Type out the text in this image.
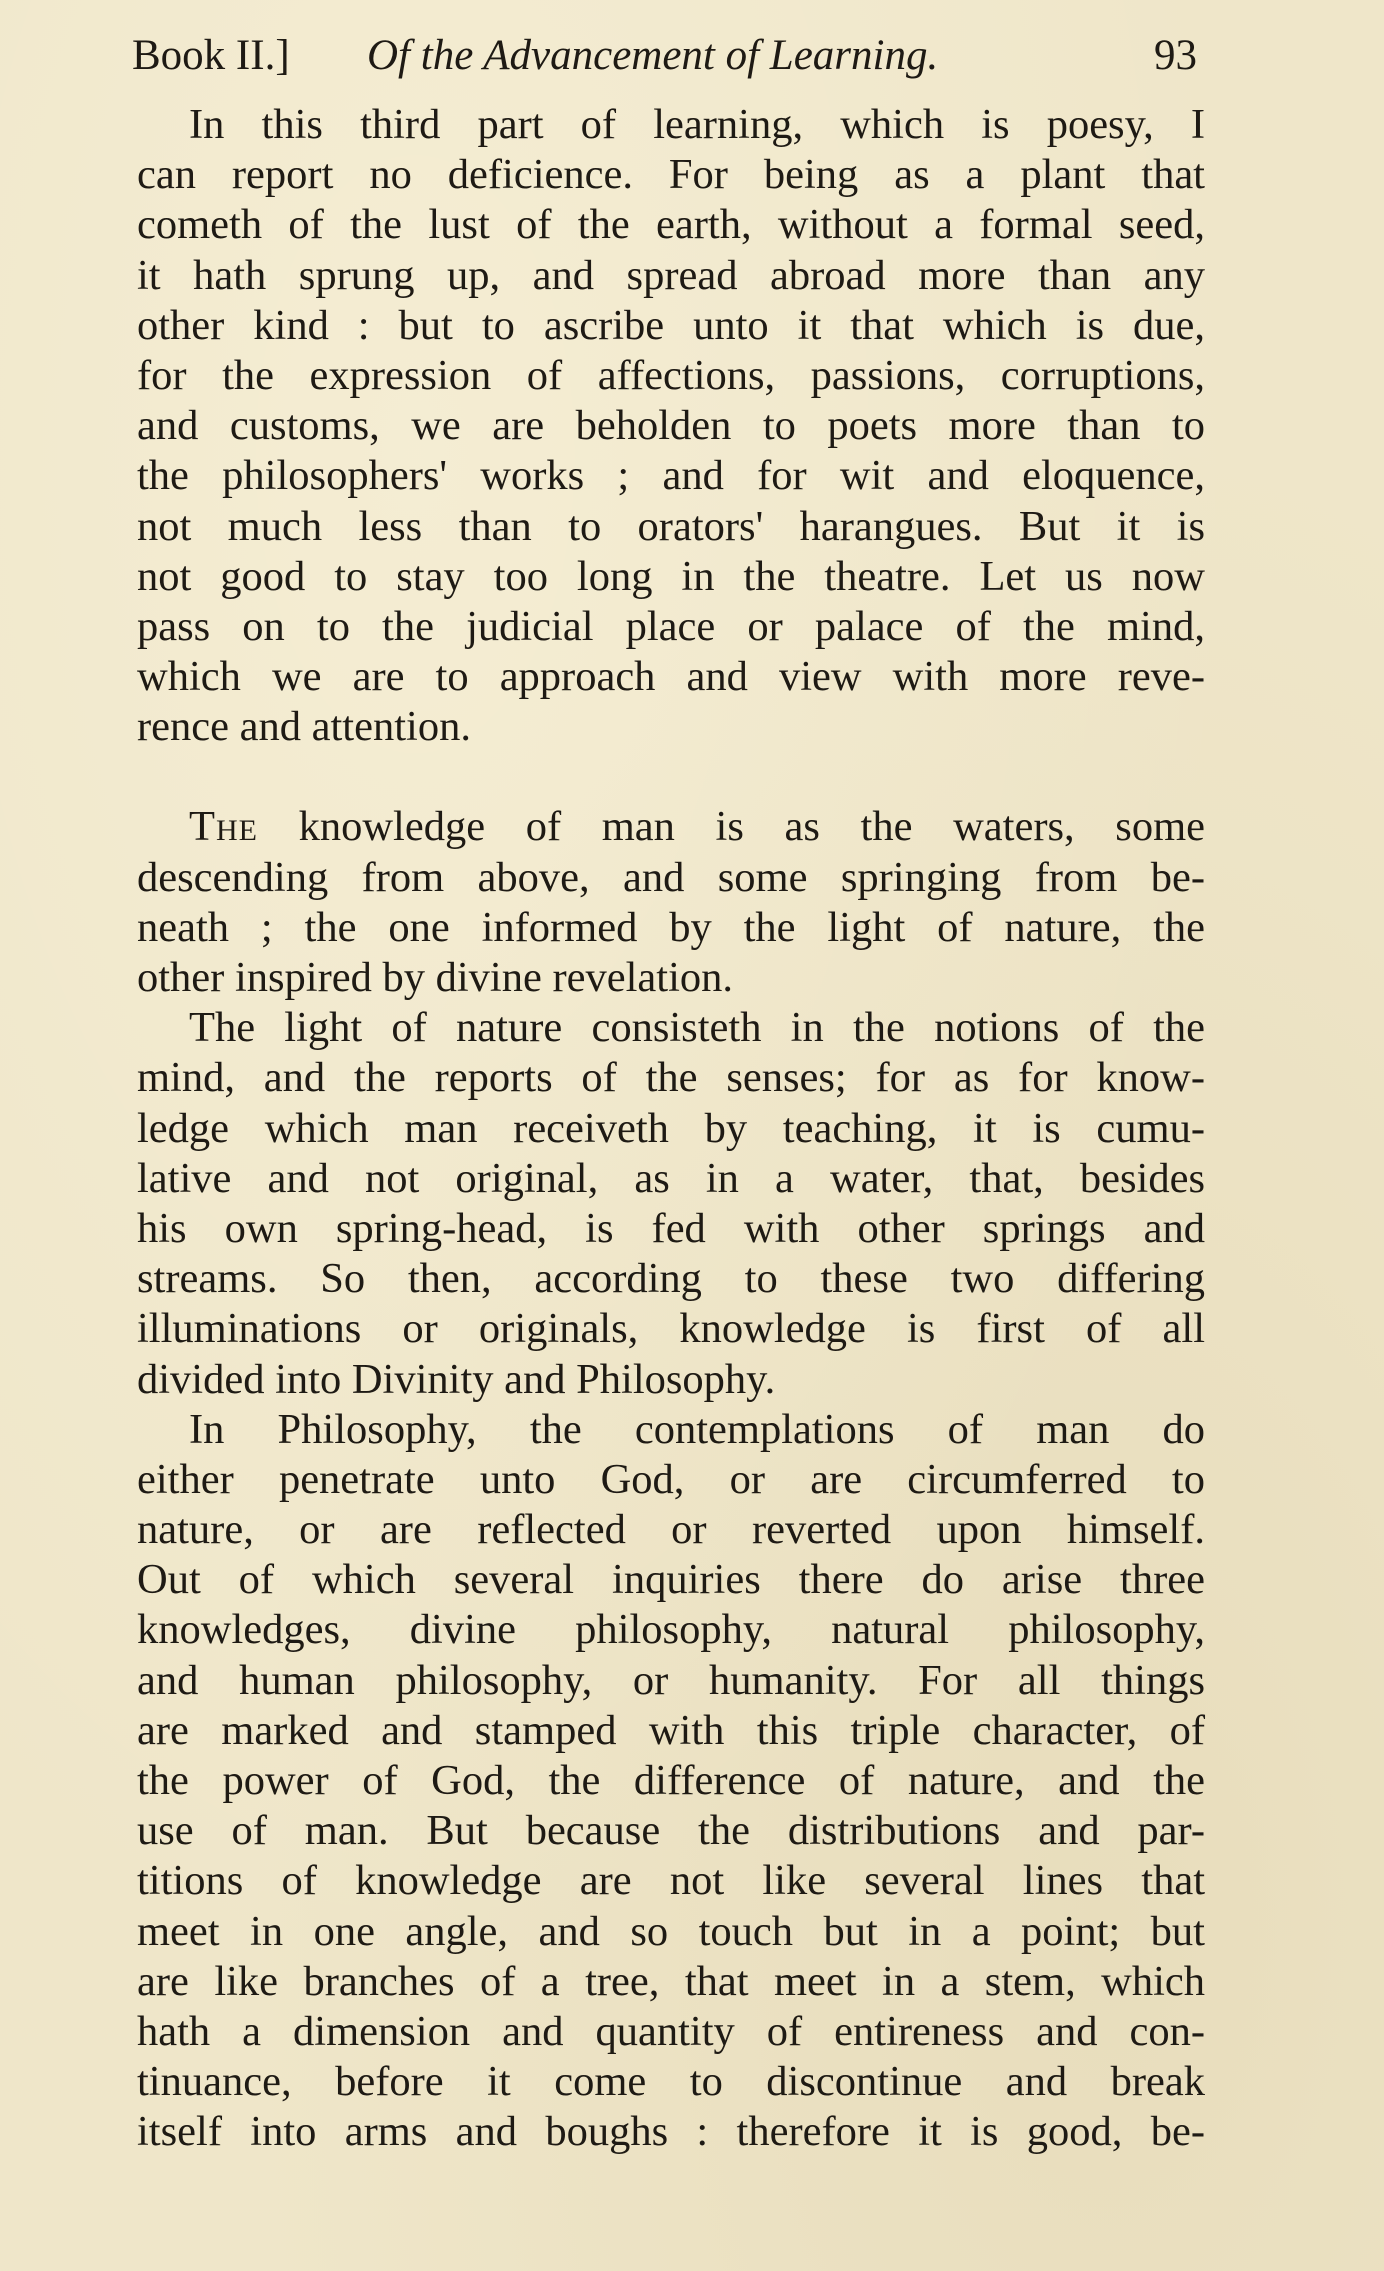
Book II.] Of the Advancement of Learning.	93
In this third part of learning, which is poesy, I
can report no deficience. For being as a plant that
cometh of the lust of the earth, without a formal seed,
it hath sprung up, and spread abroad more than any
other kind : but to ascribe unto it that which is due,
for the expression of affections, passions, corruptions,
and customs, we are beholden to poets more than to
the philosophers' works ; and for wit and eloquence,
not much less than to orators' harangues. But it is
not good to stay too long in the theatre. Let us now
pass on to the judicial place or palace of the mind,
which we are to approach and view with more reve-
rence and attention.
The knowledge of man is as the waters, some
descending from above, and some springing from be-
neath ; the one informed by the light of nature, the
other inspired by divine revelation.
The light of nature consisteth in the notions of the
mind, and the reports of the senses; for as for know-
ledge which man receiveth by teaching, it is cumu-
lative and not original, as in a water, that, besides
his own spring-head, is fed with other springs and
streams. So then, according to these two differing
illuminations or originals, knowledge is first of all
divided into Divinity and Philosophy.
In Philosophy, the contemplations of man do
either penetrate unto God, or are circumferred to
nature, or are reflected or reverted upon himself.
Out of which several inquiries there do arise three
knowledges, divine philosophy, natural philosophy,
and human philosophy, or humanity. For all things
are marked and stamped with this triple character, of
the power of God, the difference of nature, and the
use of man. But because the distributions and par-
titions of knowledge are not like several lines that
meet in one angle, and so touch but in a point; but
are like branches of a tree, that meet in a stem, which
hath a dimension and quantity of entireness and con-
tinuance, before it come to discontinue and break
itself into arms and boughs : therefore it is good, be-
